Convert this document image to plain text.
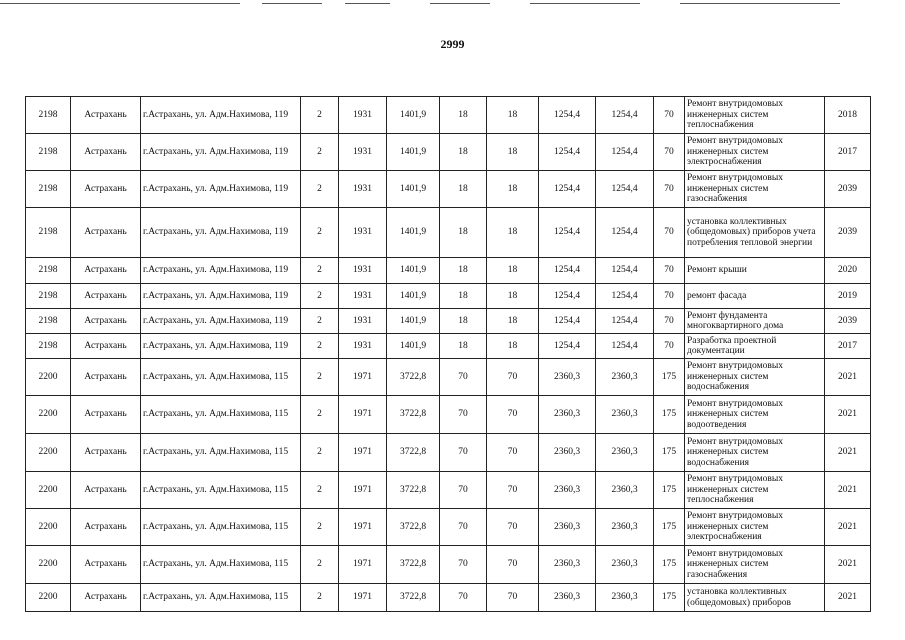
2999
2198	Астрахань	г.Астрахань, ул. Адм.Нахимова, 119	2	1931	1401,9	18	18	1254,4	1254,4	70	Ремонт внутридомовых инженерных систем теплоснабжения	2018
2198	Астрахань	г.Астрахань, ул. Адм.Нахимова, 119	2	1931	1401,9	18	18	1254,4	1254,4	70	Ремонт внутридомовых инженерных систем электроснабжения	2017
2198	Астрахань	г.Астрахань, ул. Адм.Нахимова, 119	2	1931	1401,9	18	18	1254,4	1254,4	70	Ремонт внутридомовых инженерных систем газоснабжения	2039
2198	Астрахань	г.Астрахань, ул. Адм.Нахимова, 119	2	1931	1401,9	18	18	1254,4	1254,4	70	установка коллективных (общедомовых) приборов учета потребления тепловой энергии	2039
2198	Астрахань	г.Астрахань, ул. Адм.Нахимова, 119	2	1931	1401,9	18	18	1254,4	1254,4	70	Ремонт крыши	2020
2198	Астрахань	г.Астрахань, ул. Адм.Нахимова, 119	2	1931	1401,9	18	18	1254,4	1254,4	70	ремонт фасада	2019
2198	Астрахань	г.Астрахань, ул. Адм.Нахимова, 119	2	1931	1401,9	18	18	1254,4	1254,4	70	Ремонт фундамента многоквартирного дома	2039
2198	Астрахань	г.Астрахань, ул. Адм.Нахимова, 119	2	1931	1401,9	18	18	1254,4	1254,4	70	Разработка проектной документации	2017
2200	Астрахань	г.Астрахань, ул. Адм.Нахимова, 115	2	1971	3722,8	70	70	2360,3	2360,3	175	Ремонт внутридомовых инженерных систем водоснабжения	2021
2200	Астрахань	г.Астрахань, ул. Адм.Нахимова, 115	2	1971	3722,8	70	70	2360,3	2360,3	175	Ремонт внутридомовых инженерных систем водоотведения	2021
2200	Астрахань	г.Астрахань, ул. Адм.Нахимова, 115	2	1971	3722,8	70	70	2360,3	2360,3	175	Ремонт внутридомовых инженерных систем водоснабжения	2021
2200	Астрахань	г.Астрахань, ул. Адм.Нахимова, 115	2	1971	3722,8	70	70	2360,3	2360,3	175	Ремонт внутридомовых инженерных систем теплоснабжения	2021
2200	Астрахань	г.Астрахань, ул. Адм.Нахимова, 115	2	1971	3722,8	70	70	2360,3	2360,3	175	Ремонт внутридомовых инженерных систем электроснабжения	2021
2200	Астрахань	г.Астрахань, ул. Адм.Нахимова, 115	2	1971	3722,8	70	70	2360,3	2360,3	175	Ремонт внутридомовых инженерных систем газоснабжения	2021
2200	Астрахань	г.Астрахань, ул. Адм.Нахимова, 115	2	1971	3722,8	70	70	2360,3	2360,3	175	установка коллективных (общедомовых) приборов	2021
